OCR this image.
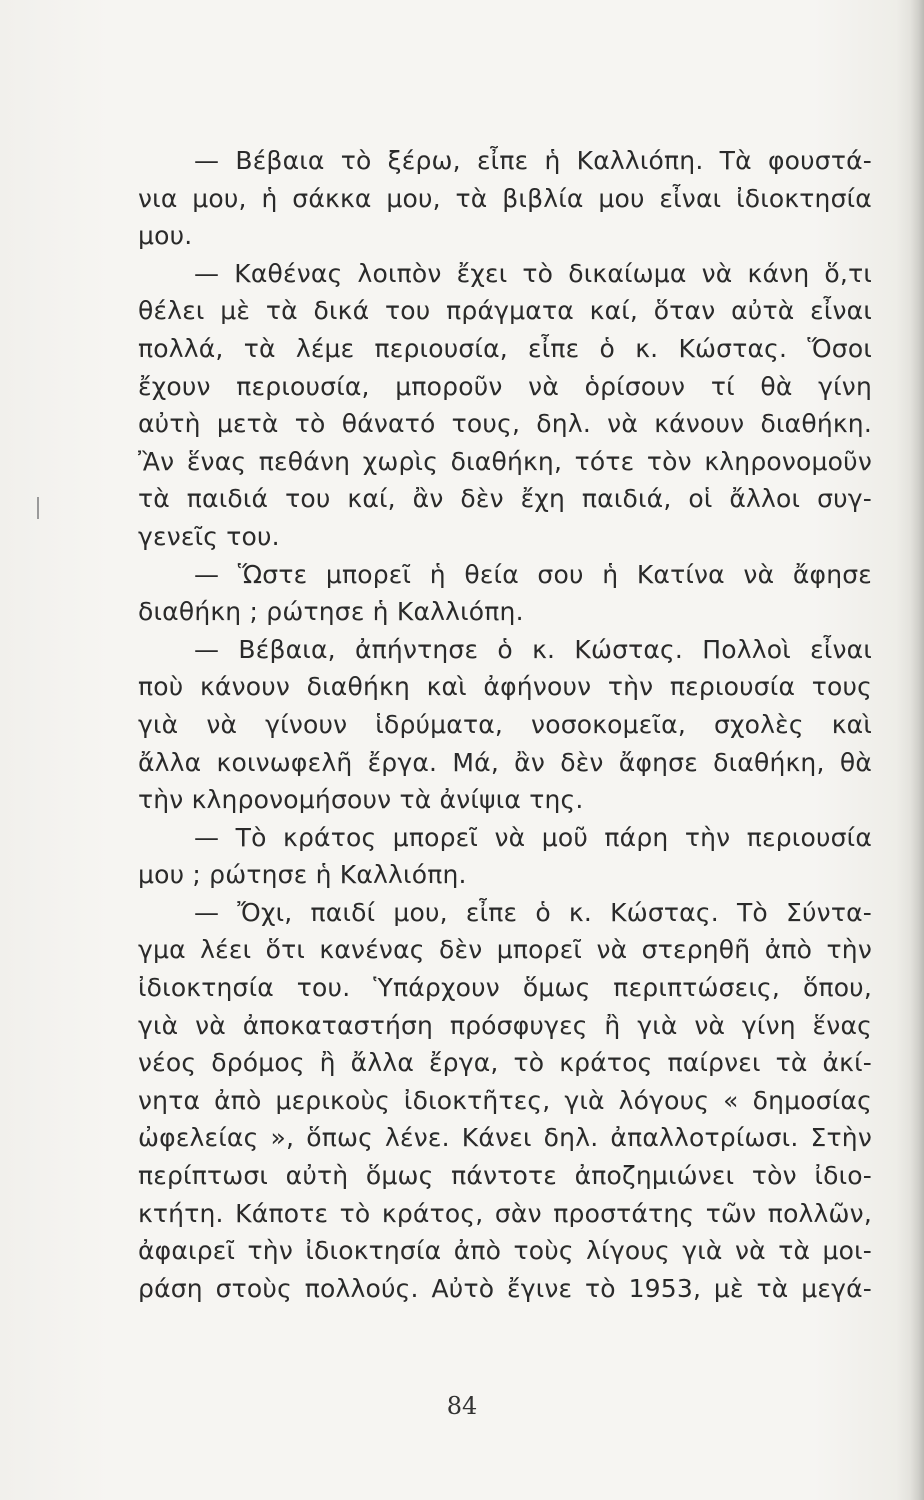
— Βέβαια τὸ ξέρω, εἶπε ἡ Καλλιόπη. Τὰ φουστά-
νια μου, ἡ σάκκα μου, τὰ βιβλία μου εἶναι ἰδιοκτησία
μου.
— Καθένας λοιπὸν ἔχει τὸ δικαίωμα νὰ κάνη ὅ,τι
θέλει μὲ τὰ δικά του πράγματα καί, ὅταν αὐτὰ εἶναι
πολλά, τὰ λέμε περιουσία, εἶπε ὁ κ. Κώστας. Ὅσοι
ἔχουν περιουσία, μποροῦν νὰ ὁρίσουν τί θὰ γίνη
αὐτὴ μετὰ τὸ θάνατό τους, δηλ. νὰ κάνουν διαθήκη.
Ἂν ἕνας πεθάνη χωρὶς διαθήκη, τότε τὸν κληρονομοῦν
τὰ παιδιά του καί, ἂν δὲν ἔχη παιδιά, οἱ ἄλλοι συγ-
γενεῖς του.
— Ὥστε μπορεῖ ἡ θεία σου ἡ Κατίνα νὰ ἄφησε
διαθήκη ; ρώτησε ἡ Καλλιόπη.
— Βέβαια, ἀπήντησε ὁ κ. Κώστας. Πολλοὶ εἶναι
ποὺ κάνουν διαθήκη καὶ ἀφήνουν τὴν περιουσία τους
γιὰ νὰ γίνουν ἱδρύματα, νοσοκομεῖα, σχολὲς καὶ
ἄλλα κοινωφελῆ ἔργα. Μά, ἂν δὲν ἄφησε διαθήκη, θὰ
τὴν κληρονομήσουν τὰ ἀνίψια της.
— Τὸ κράτος μπορεῖ νὰ μοῦ πάρη τὴν περιουσία
μου ; ρώτησε ἡ Καλλιόπη.
— Ὄχι, παιδί μου, εἶπε ὁ κ. Κώστας. Τὸ Σύντα-
γμα λέει ὅτι κανένας δὲν μπορεῖ νὰ στερηθῆ ἀπὸ τὴν
ἰδιοκτησία του. Ὑπάρχουν ὅμως περιπτώσεις, ὅπου,
γιὰ νὰ ἀποκαταστήση πρόσφυγες ἢ γιὰ νὰ γίνη ἕνας
νέος δρόμος ἢ ἄλλα ἔργα, τὸ κράτος παίρνει τὰ ἀκί-
νητα ἀπὸ μερικοὺς ἰδιοκτῆτες, γιὰ λόγους « δημοσίας
ὠφελείας », ὅπως λένε. Κάνει δηλ. ἀπαλλοτρίωσι. Στὴν
περίπτωσι αὐτὴ ὅμως πάντοτε ἀποζημιώνει τὸν ἰδιο-
κτήτη. Κάποτε τὸ κράτος, σὰν προστάτης τῶν πολλῶν,
ἀφαιρεῖ τὴν ἰδιοκτησία ἀπὸ τοὺς λίγους γιὰ νὰ τὰ μοι-
ράση στοὺς πολλούς. Αὐτὸ ἔγινε τὸ 1953, μὲ τὰ μεγά-
84
